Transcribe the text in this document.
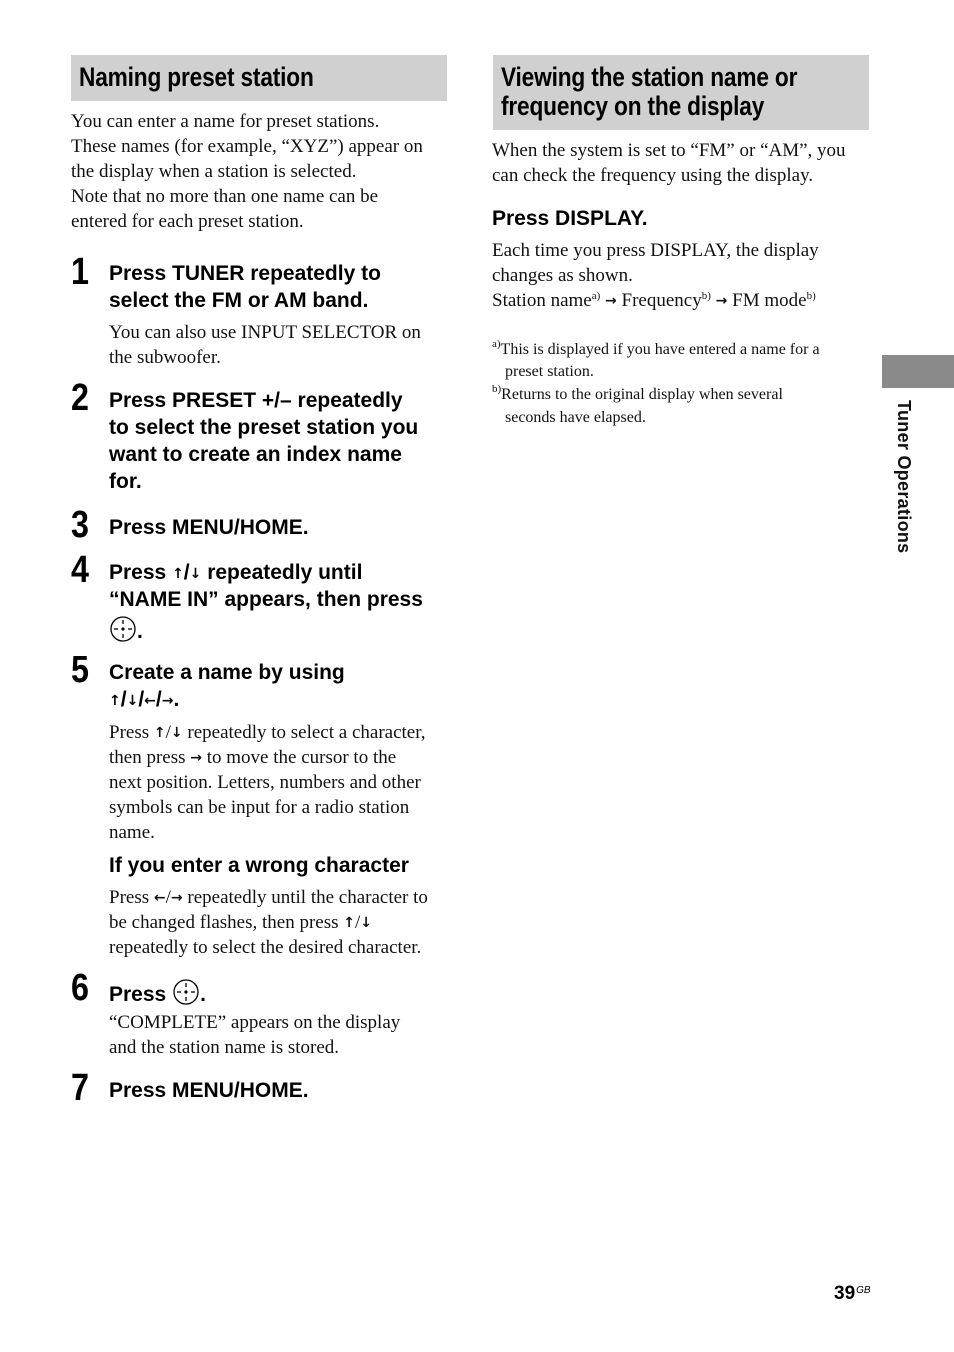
Naming preset station
You can enter a name for preset stations.
These names (for example, “XYZ”) appear on
the display when a station is selected.
Note that no more than one name can be
entered for each preset station.
1 Press TUNER repeatedly to
select the FM or AM band.
You can also use INPUT SELECTOR on
the subwoofer.
2 Press PRESET +/– repeatedly
to select the preset station you
want to create an index name
for.
3 Press MENU/HOME.
4 Press ↑/↓ repeatedly until
“NAME IN” appears, then press
.
5 Create a name by using
↑/↓/←/→.
Press ↑/↓ repeatedly to select a character,
then press → to move the cursor to the
next position. Letters, numbers and other
symbols can be input for a radio station
name.
If you enter a wrong character
Press ←/→ repeatedly until the character to
be changed flashes, then press ↑/↓
repeatedly to select the desired character.
6 Press .
“COMPLETE” appears on the display
and the station name is stored.
7 Press MENU/HOME.
Viewing the station name or
frequency on the display
When the system is set to “FM” or “AM”, you
can check the frequency using the display.
Press DISPLAY.
Each time you press DISPLAY, the display
changes as shown.
Station name$^{a)}$ → Frequency$^{b)}$ → FM mode$^{b)}$
$^{a)}$This is displayed if you have entered a name for a
preset station.
$^{b)}$Returns to the original display when several
seconds have elapsed.	Tuner Operations
$39^{GB}$
